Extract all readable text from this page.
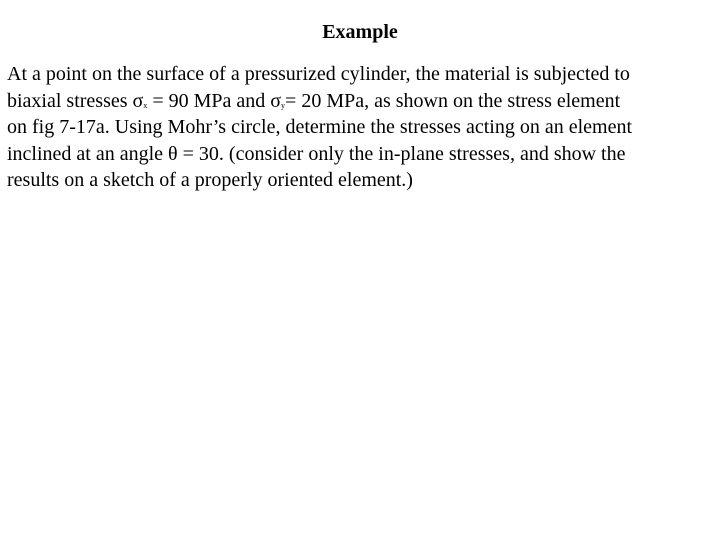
Example
At a point on the surface of a pressurized cylinder, the material is subjected to
biaxial stresses σx = 90 MPa and σy= 20 MPa, as shown on the stress element
on fig 7-17a. Using Mohr’s circle, determine the stresses acting on an element
inclined at an angle θ = 30. (consider only the in-plane stresses, and show the
results on a sketch of a properly oriented element.)
